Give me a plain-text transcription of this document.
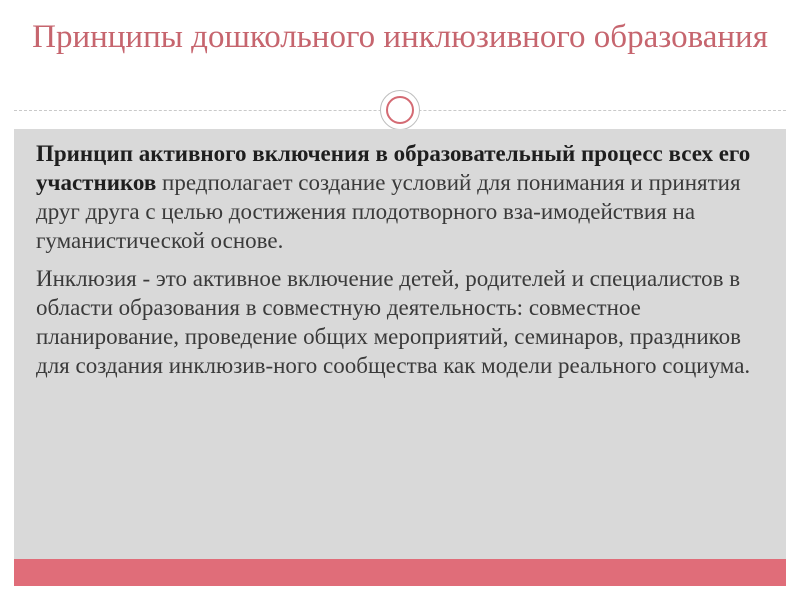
Принципы дошкольного инклюзивного образования

Принцип активного включения в образовательный процесс всех его участников предполагает создание условий для понимания и принятия друг друга с целью достижения плодотворного вза-имодействия на гуманистической основе.

Инклюзия - это активное включение детей, родителей и специалистов в области образования в совместную деятельность: совместное планирование, проведение общих мероприятий, семинаров, праздников для создания инклюзив-ного сообщества как модели реального социума.
